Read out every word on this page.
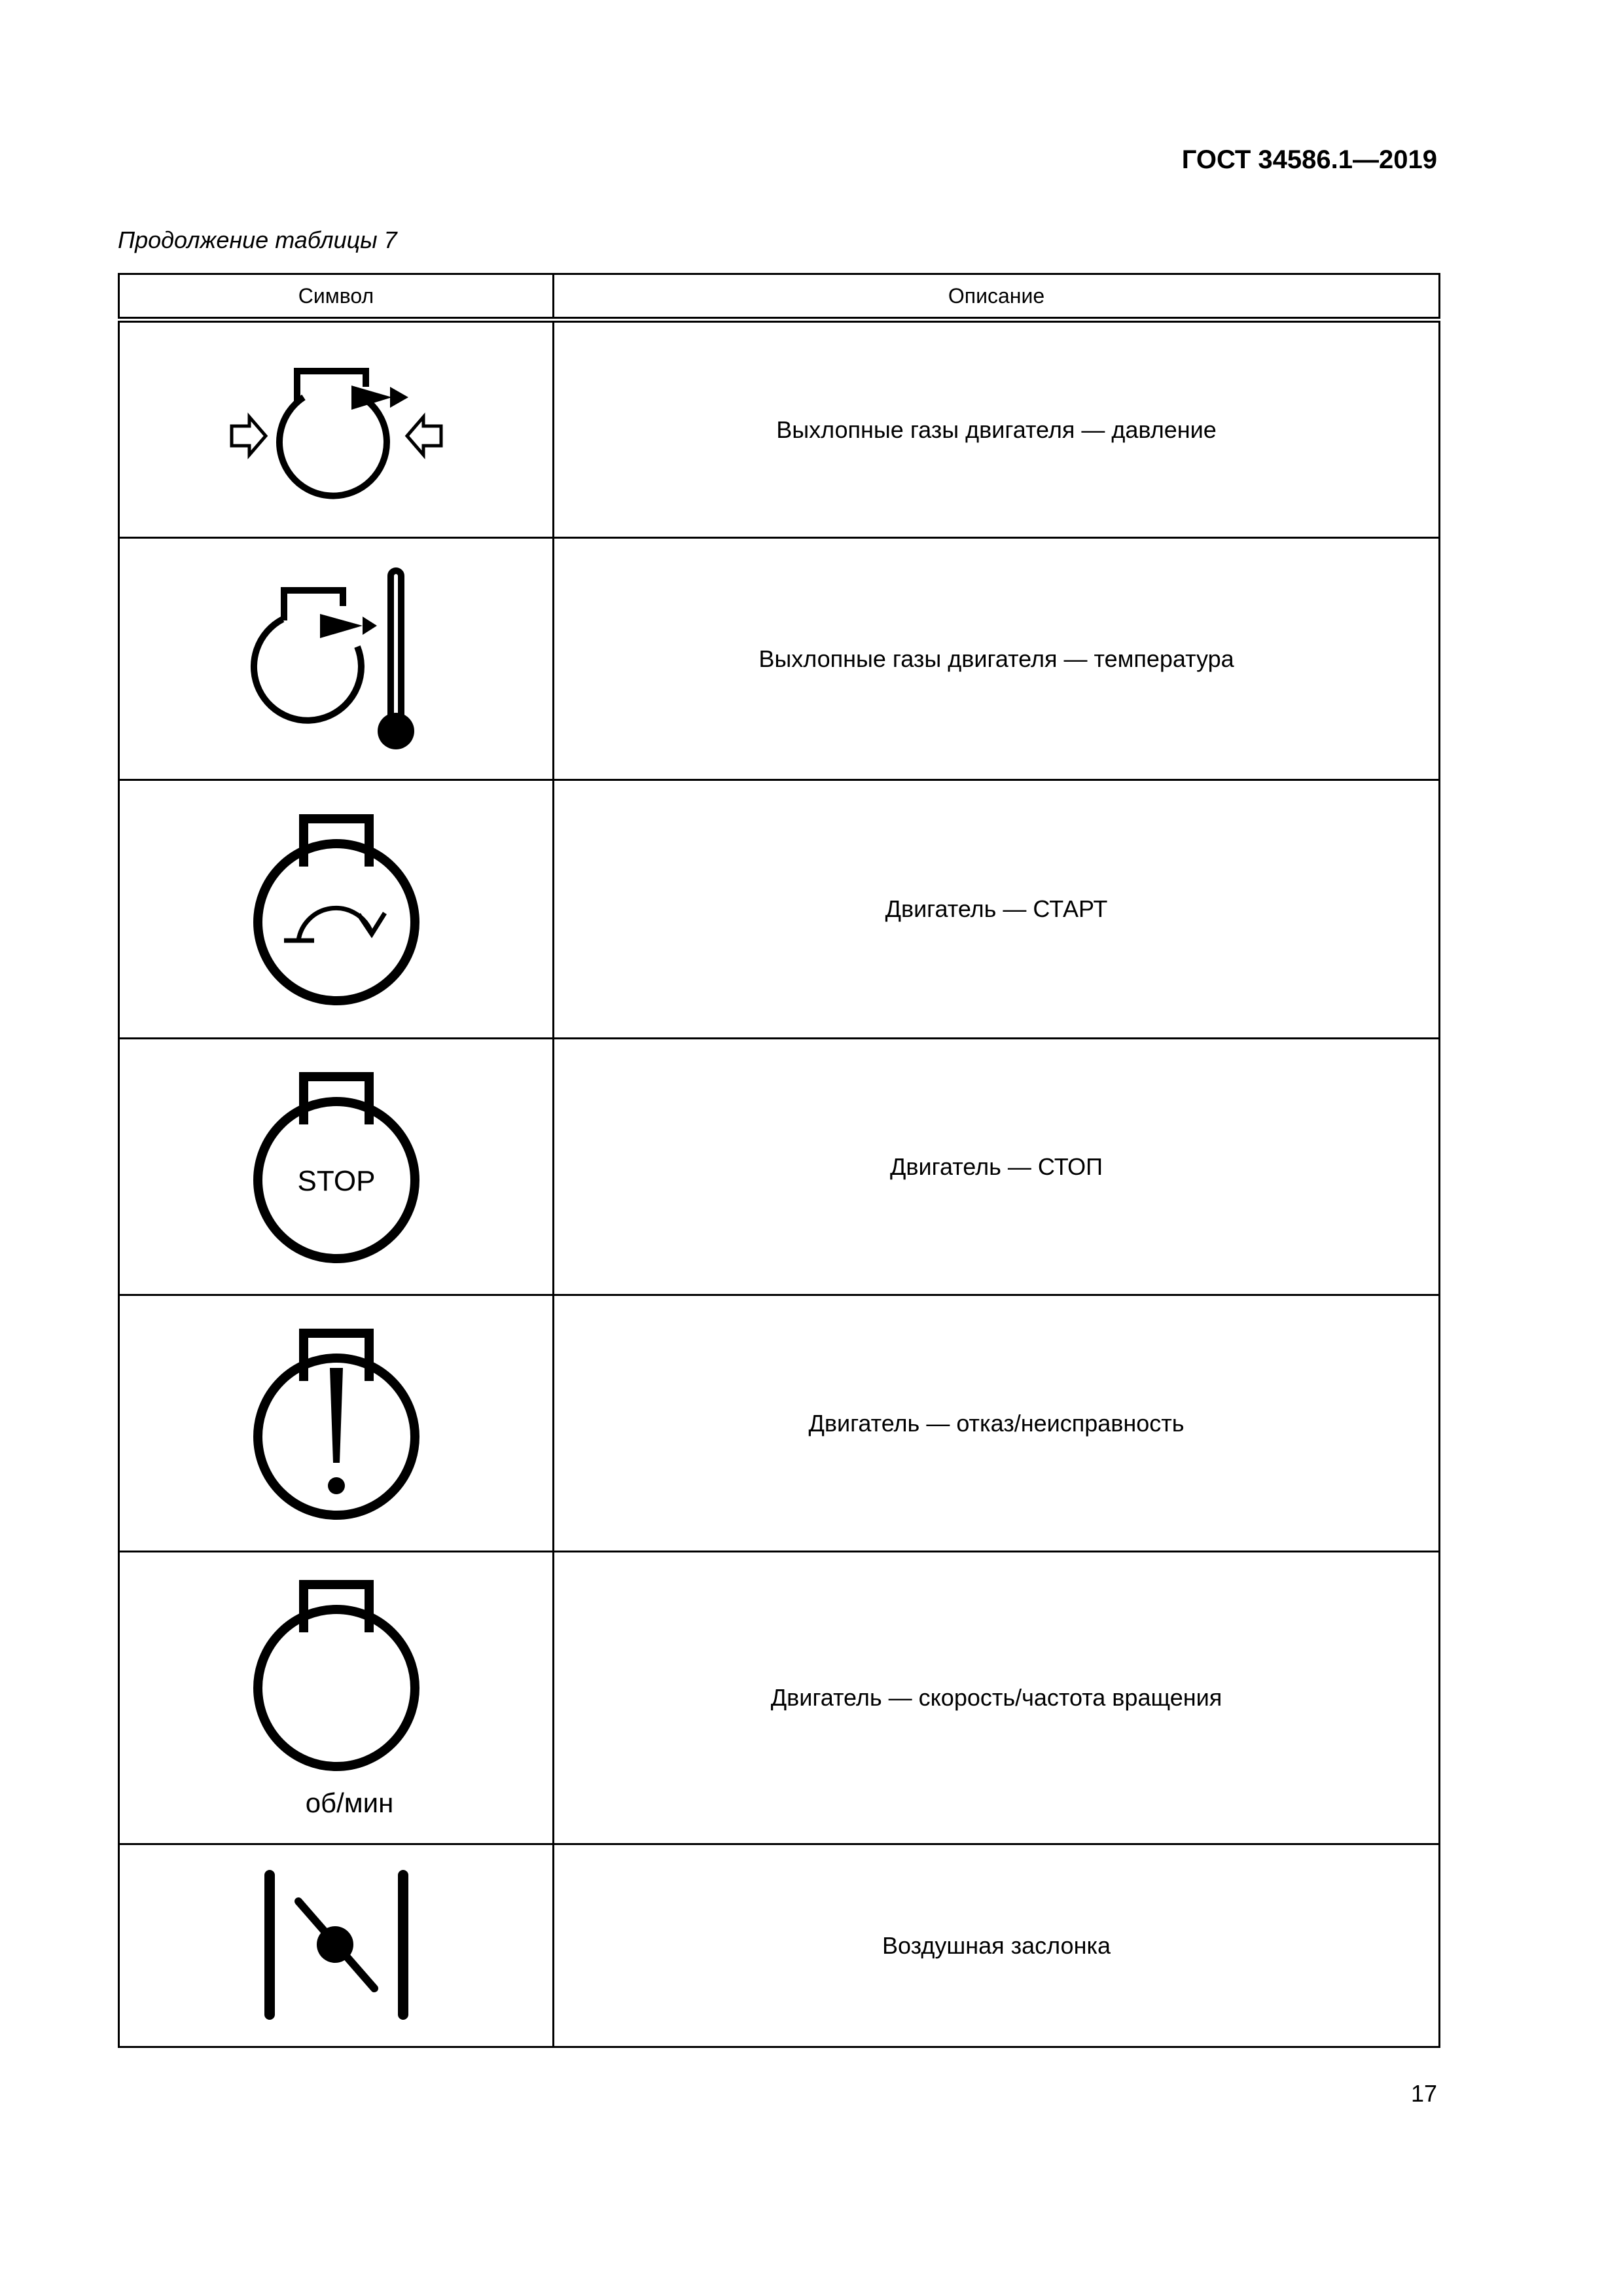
ГОСТ 34586.1—2019
Продолжение таблицы 7
Символ	Описание

	Выхлопные газы двигателя — давление

	Выхлопные газы двигателя — температура

	Двигатель — СТАРТ

STOP	Двигатель — СТОП

	Двигатель — отказ/неисправность

об/мин	Двигатель — скорость/частота вращения

	Воздушная заслонка
17
